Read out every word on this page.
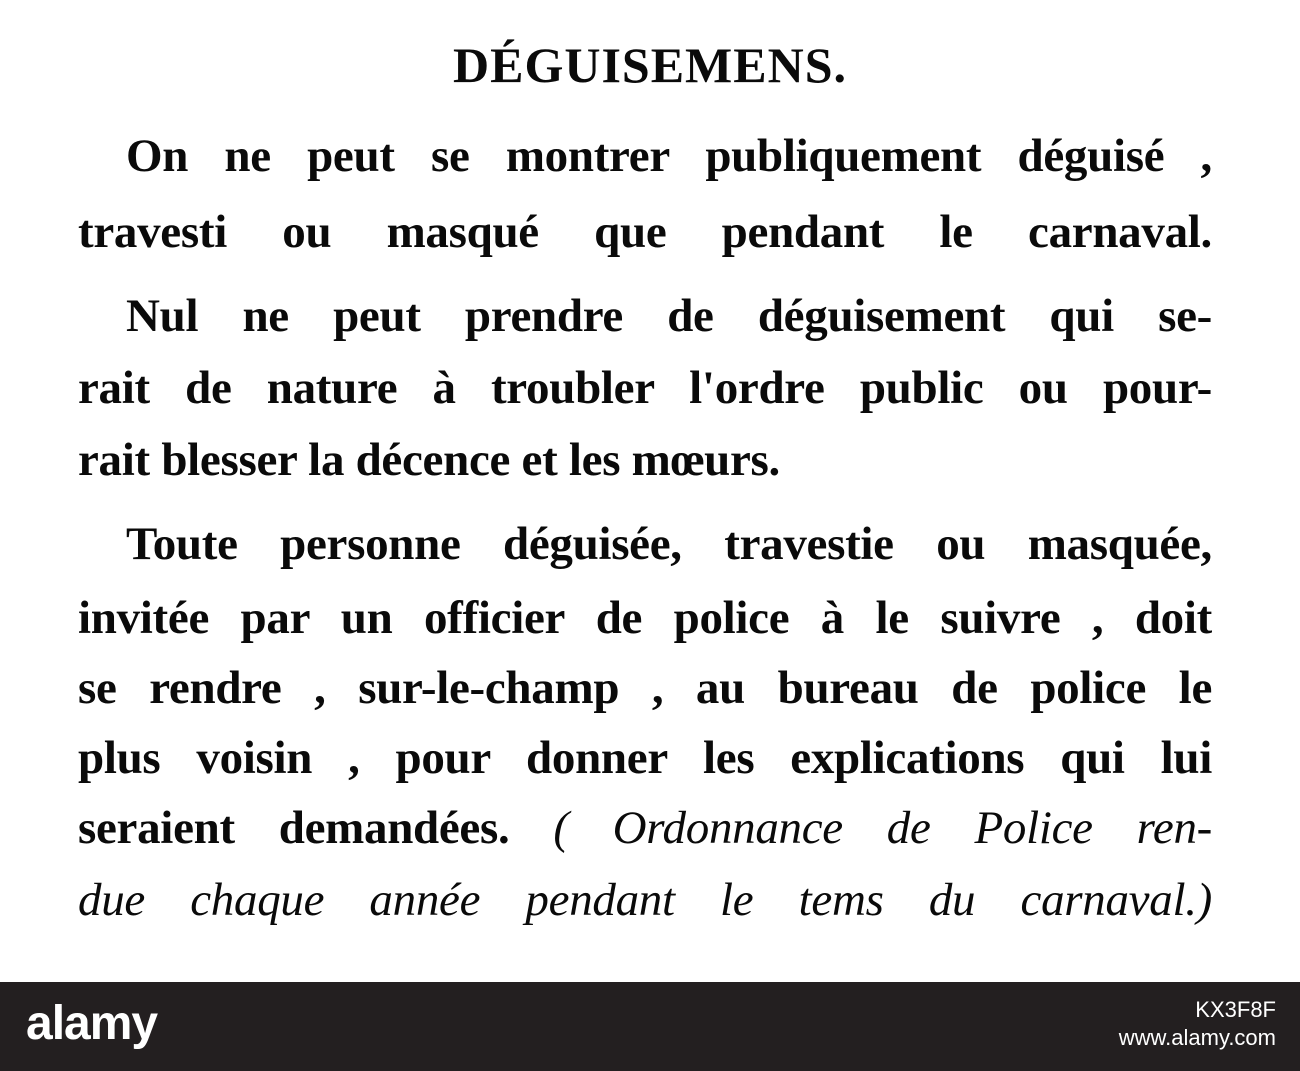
DÉGUISEMENS.

On ne peut se montrer publiquement déguisé ,

travesti ou masqué que pendant le carnaval.

Nul ne peut prendre de déguisement qui se-

rait de nature à troubler l'ordre public ou pour-

rait blesser la décence et les mœurs.

Toute personne déguisée, travestie ou masquée,

invitée par un officier de police à le suivre , doit

se rendre , sur-le-champ , au bureau de police le

plus voisin , pour donner les explications qui lui

seraient demandées. ( Ordonnance de Police ren-

due chaque année pendant le tems du carnaval.)

alamy	KX3F8F
www.alamy.com
